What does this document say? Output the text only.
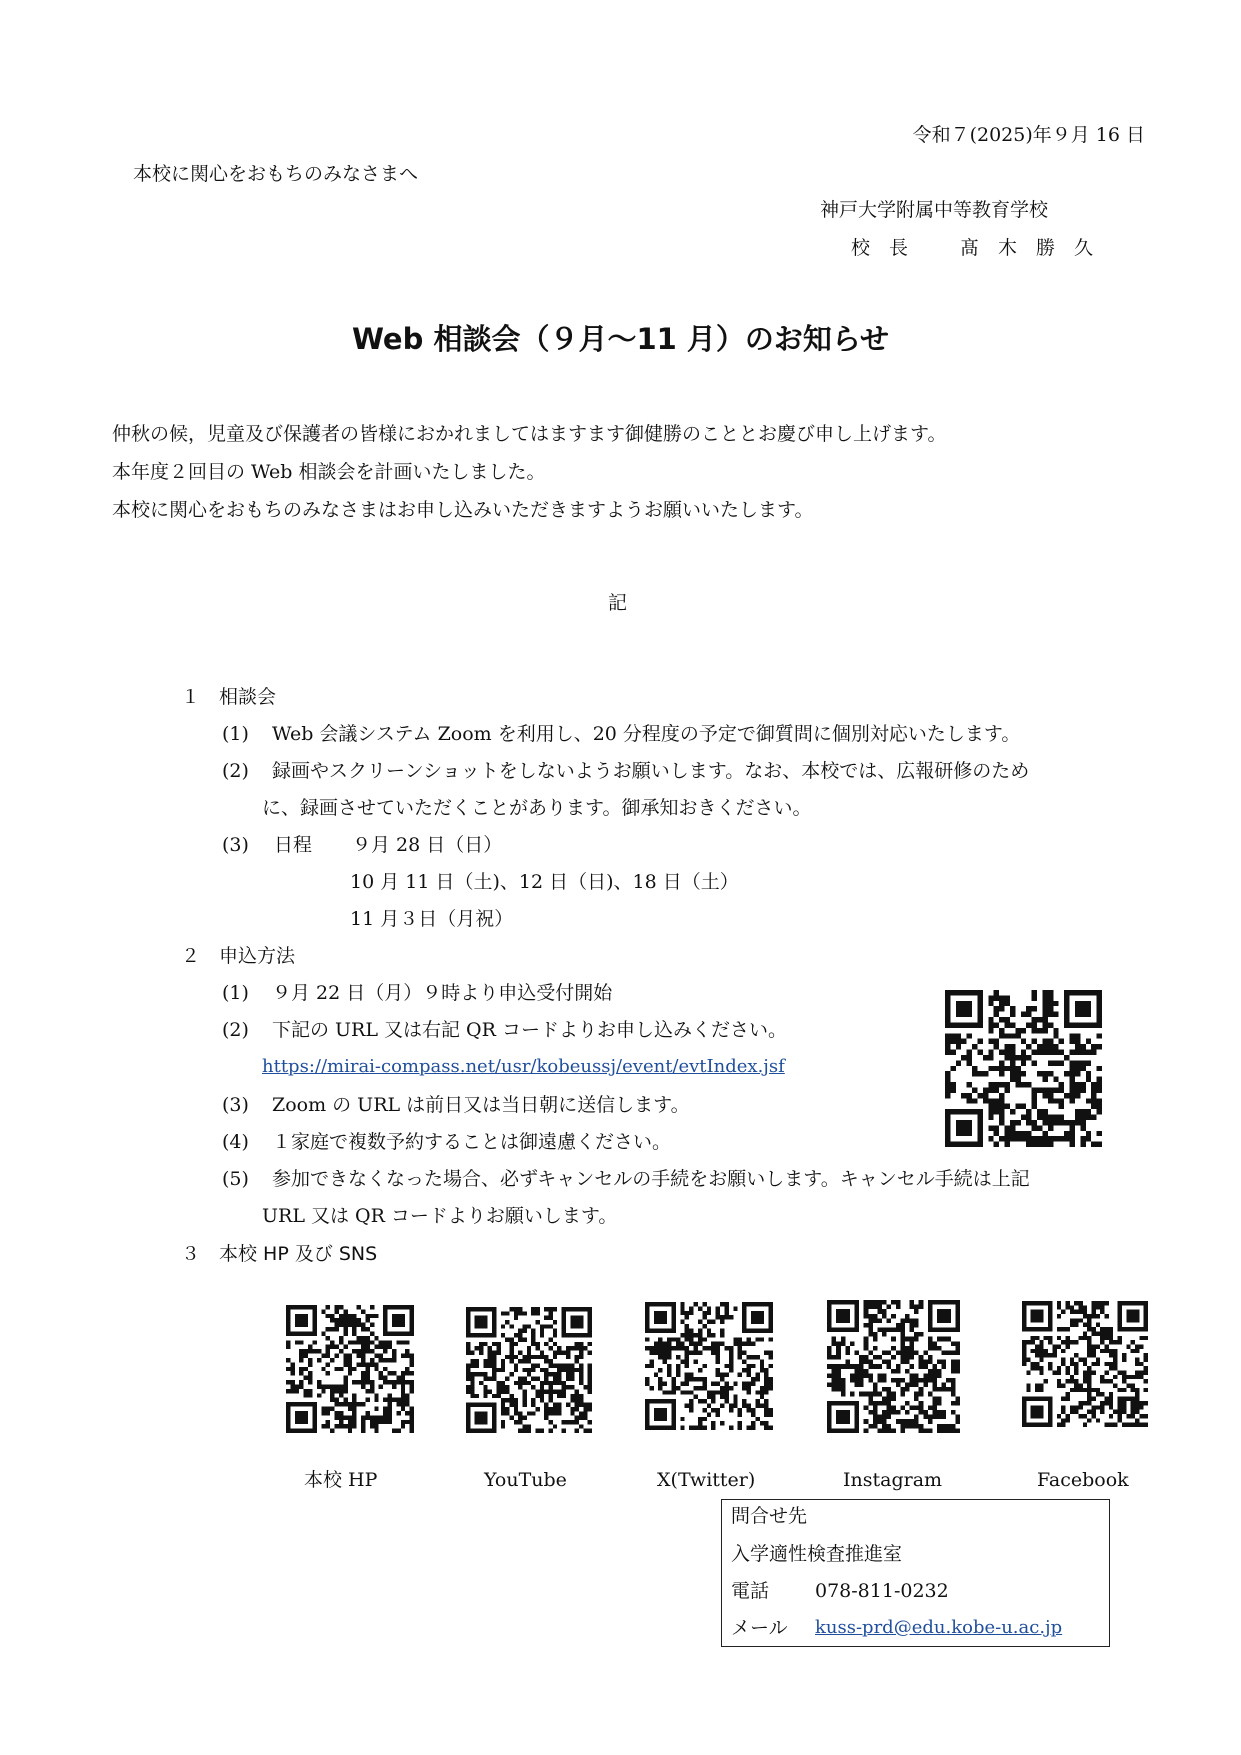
令和７(2025)年９月 16 日
本校に関心をおもちのみなさまへ
神戸大学附属中等教育学校
校　長	髙　木　勝　久
Web 相談会（９月～11 月）のお知らせ
仲秋の候，児童及び保護者の皆様におかれましてはますます御健勝のこととお慶び申し上げます。
本年度２回目の Web 相談会を計画いたしました。
本校に関心をおもちのみなさまはお申し込みいただきますようお願いいたします。
記
１ 相談会
(1) Web 会議システム Zoom を利用し、20 分程度の予定で御質問に個別対応いたします。
(2) 録画やスクリーンショットをしないようお願いします。なお、本校では、広報研修のため
に、録画させていただくことがあります。御承知おきください。
(3) 日程 ９月 28 日（日）
10 月 11 日（土)、12 日（日)、18 日（土）
11 月３日（月祝）
２ 申込方法
(1) ９月 22 日（月）９時より申込受付開始
(2) 下記の URL 又は右記 QR コードよりお申し込みください。
https://mirai-compass.net/usr/kobeussj/event/evtIndex.jsf
(3) Zoom の URL は前日又は当日朝に送信します。
(4) １家庭で複数予約することは御遠慮ください。
(5) 参加できなくなった場合、必ずキャンセルの手続をお願いします。キャンセル手続は上記
URL 又は QR コードよりお願いします。
３ 本校 HP 及び SNS
本校 HP	YouTube	X(Twitter)	Instagram	Facebook
問合せ先
入学適性検査推進室
電話 078-811-0232
メール kuss-prd@edu.kobe-u.ac.jp
